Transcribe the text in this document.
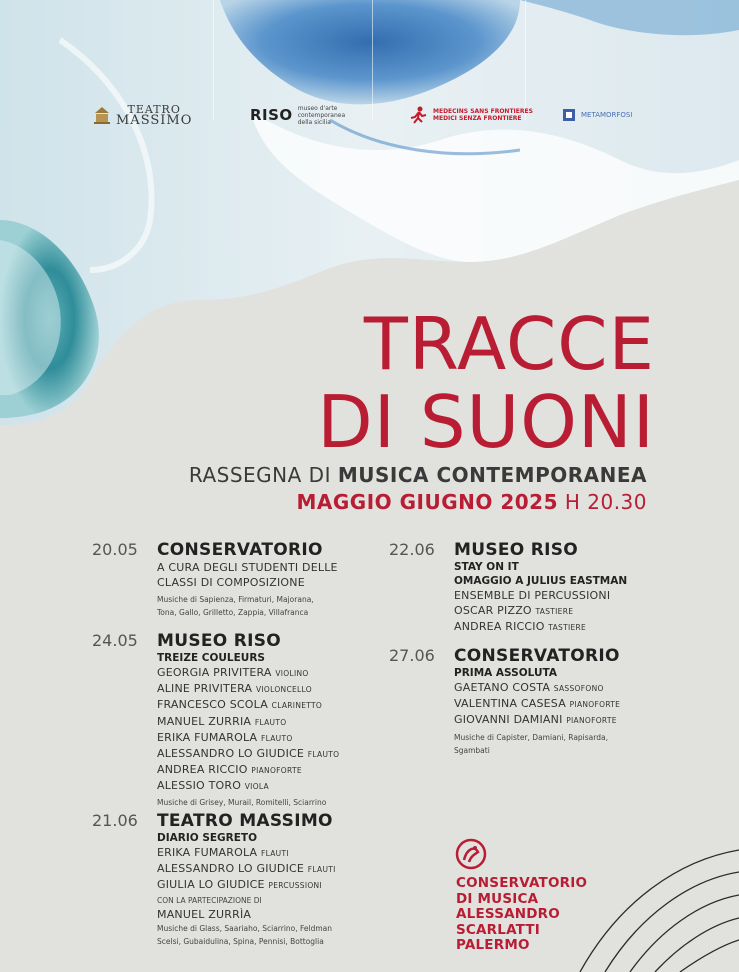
TEATRO
MASSIMO	RISO museo d'arte
contemporanea
della sicilia
MEDECINS SANS FRONTIERES
MEDICI SENZA FRONTIERE	METAMORFOSI
TRACCE
DI SUONI
RASSEGNA DI MUSICA CONTEMPORANEA
MAGGIO GIUGNO 2025 H 20.30
20.05 CONSERVATORIO
A CURA DEGLI STUDENTI DELLE
CLASSI DI COMPOSIZIONE
Musiche di Sapienza, Firmaturi, Majorana,
Tona, Gallo, Grilletto, Zappia, Villafranca
24.05 MUSEO RISO
TREIZE COULEURS
GEORGIA PRIVITERA VIOLINO
ALINE PRIVITERA VIOLONCELLO
FRANCESCO SCOLA CLARINETTO
MANUEL ZURRIA FLAUTO
ERIKA FUMAROLA FLAUTO
ALESSANDRO LO GIUDICE FLAUTO
ANDREA RICCIO PIANOFORTE
ALESSIO TORO VIOLA
Musiche di Grisey, Murail, Romitelli, Sciarrino
21.06 TEATRO MASSIMO
DIARIO SEGRETO
ERIKA FUMAROLA FLAUTI
ALESSANDRO LO GIUDICE FLAUTI
GIULIA LO GIUDICE PERCUSSIONI
CON LA PARTECIPAZIONE DI
MANUEL ZURRÌA
Musiche di Glass, Saariaho, Sciarrino, Feldman
Scelsi, Gubaidulina, Spina, Pennisi, Bottoglia
22.06 MUSEO RISO
STAY ON IT
OMAGGIO A JULIUS EASTMAN
ENSEMBLE DI PERCUSSIONI
OSCAR PIZZO TASTIERE
ANDREA RICCIO TASTIERE
27.06 CONSERVATORIO
PRIMA ASSOLUTA
GAETANO COSTA SASSOFONO
VALENTINA CASESA PIANOFORTE
GIOVANNI DAMIANI PIANOFORTE
Musiche di Capister, Damiani, Rapisarda,
Sgambati
CONSERVATORIO
DI MUSICA
ALESSANDRO
SCARLATTI
PALERMO
